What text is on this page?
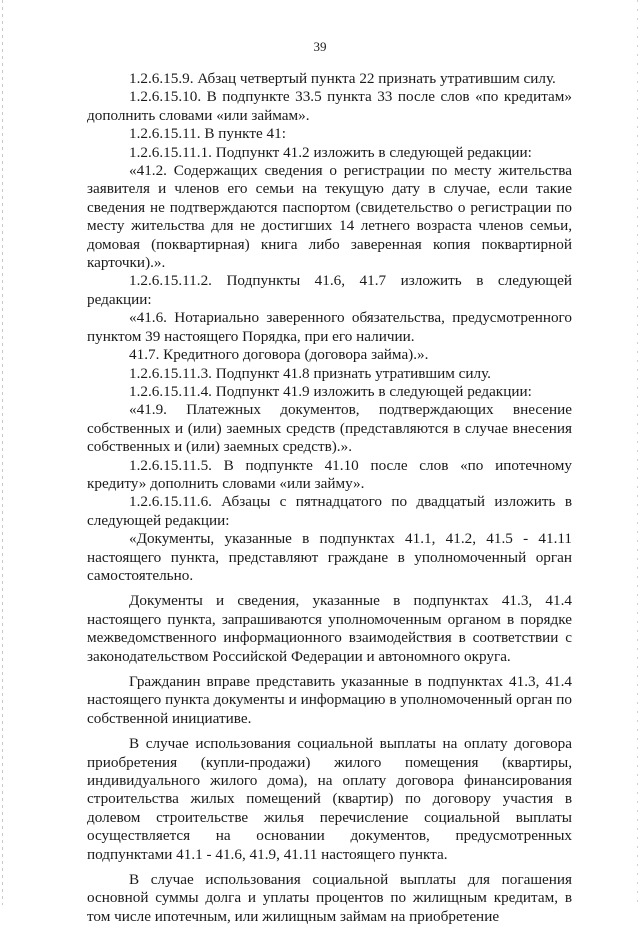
39

1.2.6.15.9. Абзац четвертый пункта 22 признать утратившим силу.

1.2.6.15.10. В подпункте 33.5 пункта 33 после слов «по кредитам» дополнить словами «или займам».

1.2.6.15.11. В пункте 41:

1.2.6.15.11.1. Подпункт 41.2 изложить в следующей редакции:

«41.2. Содержащих сведения о регистрации по месту жительства заявителя и членов его семьи на текущую дату в случае, если такие сведения не подтверждаются паспортом (свидетельство о регистрации по месту жительства для не достигших 14 летнего возраста членов семьи, домовая (поквартирная) книга либо заверенная копия поквартирной карточки).».

1.2.6.15.11.2. Подпункты 41.6, 41.7 изложить в следующей редакции:

«41.6. Нотариально заверенного обязательства, предусмотренного пунктом 39 настоящего Порядка, при его наличии.

41.7. Кредитного договора (договора займа).».

1.2.6.15.11.3. Подпункт 41.8 признать утратившим силу.

1.2.6.15.11.4. Подпункт 41.9 изложить в следующей редакции:

«41.9. Платежных документов, подтверждающих внесение собственных и (или) заемных средств (представляются в случае внесения собственных и (или) заемных средств).».

1.2.6.15.11.5. В подпункте 41.10 после слов «по ипотечному кредиту» дополнить словами «или займу».

1.2.6.15.11.6. Абзацы с пятнадцатого по двадцатый изложить в следующей редакции:

«Документы, указанные в подпунктах 41.1, 41.2, 41.5 - 41.11 настоящего пункта, представляют граждане в уполномоченный орган самостоятельно.

Документы и сведения, указанные в подпунктах 41.3, 41.4 настоящего пункта, запрашиваются уполномоченным органом в порядке межведомственного информационного взаимодействия в соответствии с законодательством Российской Федерации и автономного округа.

Гражданин вправе представить указанные в подпунктах 41.3, 41.4 настоящего пункта документы и информацию в уполномоченный орган по собственной инициативе.

В случае использования социальной выплаты на оплату договора приобретения (купли-продажи) жилого помещения (квартиры, индивидуального жилого дома), на оплату договора финансирования строительства жилых помещений (квартир) по договору участия в долевом строительстве жилья перечисление социальной выплаты осуществляется на основании документов, предусмотренных подпунктами 41.1 - 41.6, 41.9, 41.11 настоящего пункта.

В случае использования социальной выплаты для погашения основной суммы долга и уплаты процентов по жилищным кредитам, в том числе ипотечным, или жилищным займам на приобретение
